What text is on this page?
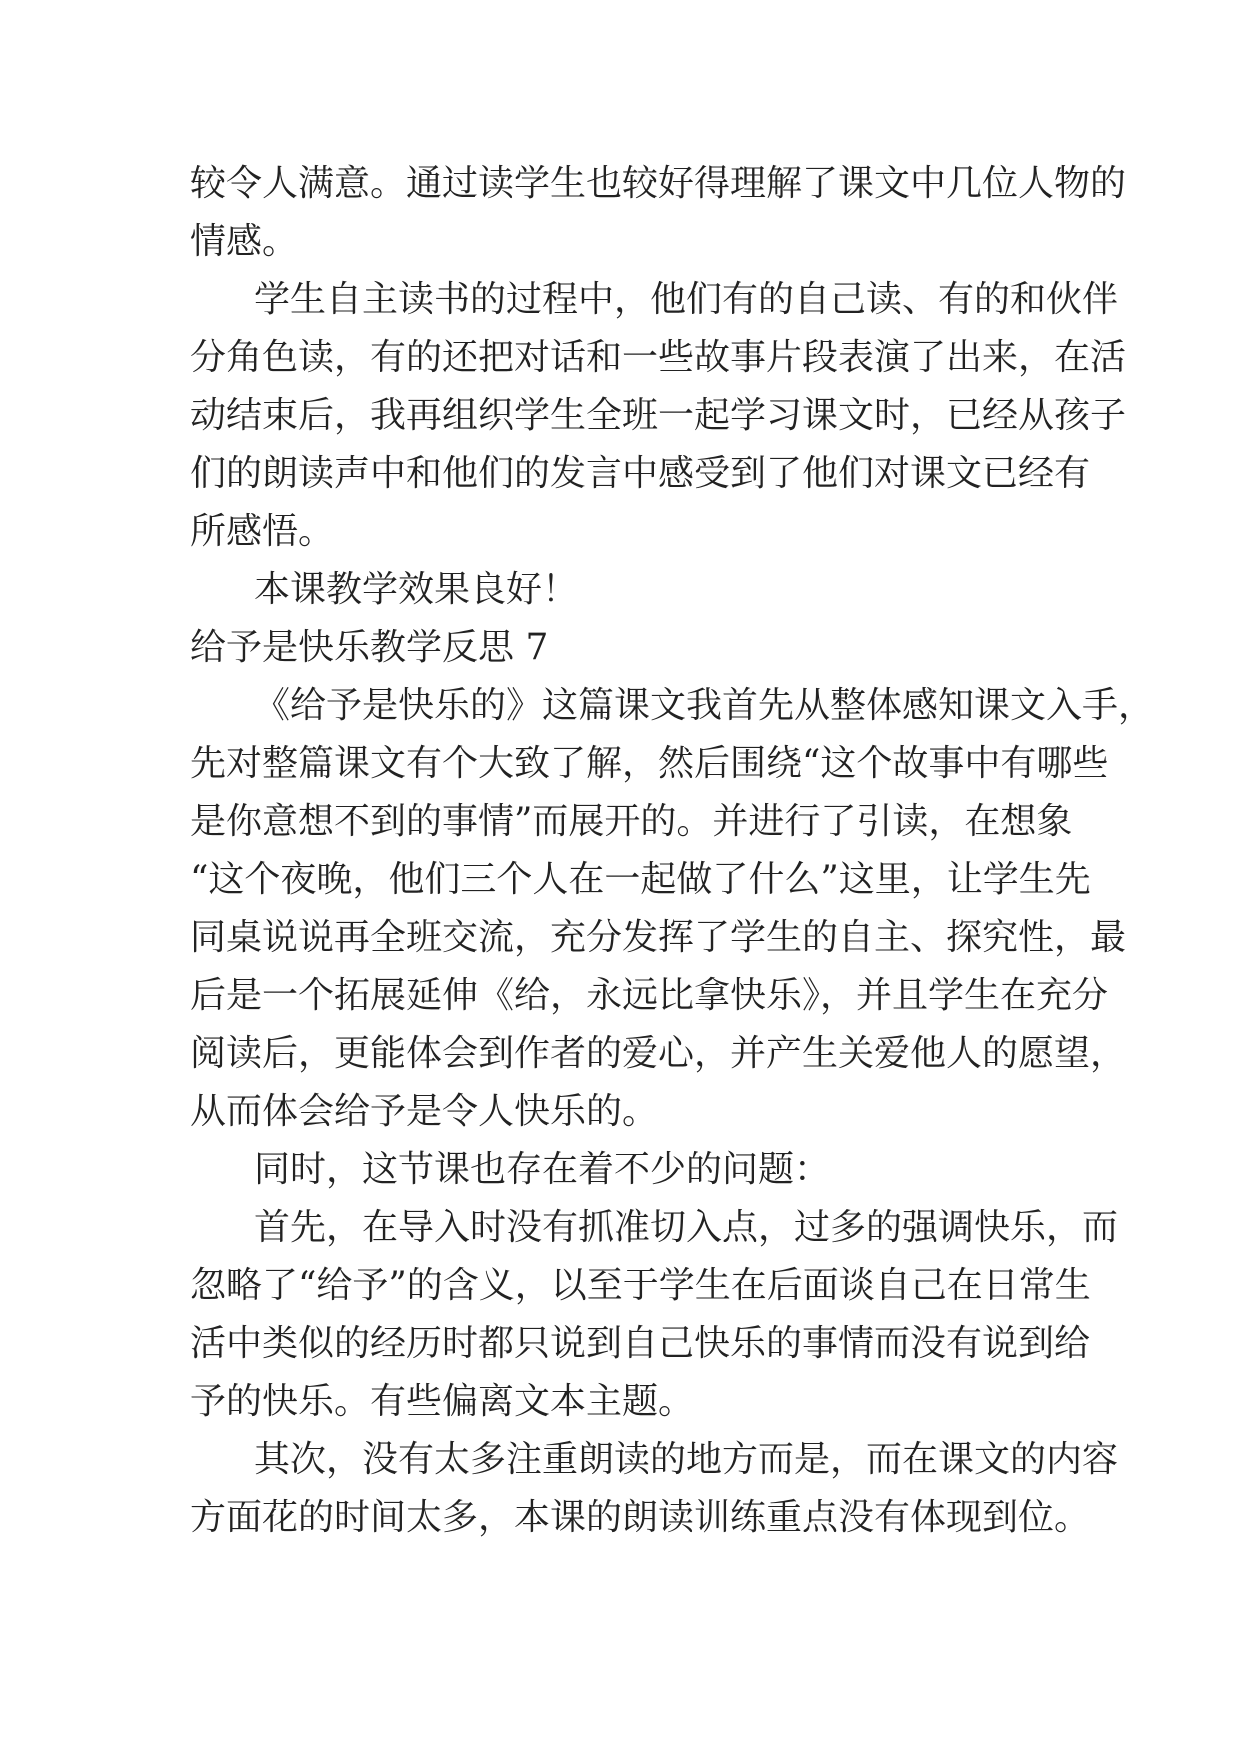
较令人满意。通过读学生也较好得理解了课文中几位人物的
情感。
学生自主读书的过程中，他们有的自己读、有的和伙伴
分角色读，有的还把对话和一些故事片段表演了出来，在活
动结束后，我再组织学生全班一起学习课文时，已经从孩子
们的朗读声中和他们的发言中感受到了他们对课文已经有
所感悟。
本课教学效果良好！
给予是快乐教学反思 7
《给予是快乐的》这篇课文我首先从整体感知课文入手，
先对整篇课文有个大致了解，然后围绕“这个故事中有哪些
是你意想不到的事情”而展开的。并进行了引读，在想象
“这个夜晚，他们三个人在一起做了什么”这里，让学生先
同桌说说再全班交流，充分发挥了学生的自主、探究性，最
后是一个拓展延伸《给，永远比拿快乐》，并且学生在充分
阅读后，更能体会到作者的爱心，并产生关爱他人的愿望，
从而体会给予是令人快乐的。
同时，这节课也存在着不少的问题：
首先，在导入时没有抓准切入点，过多的强调快乐，而
忽略了“给予”的含义，以至于学生在后面谈自己在日常生
活中类似的经历时都只说到自己快乐的事情而没有说到给
予的快乐。有些偏离文本主题。
其次，没有太多注重朗读的地方而是，而在课文的内容
方面花的时间太多，本课的朗读训练重点没有体现到位。
